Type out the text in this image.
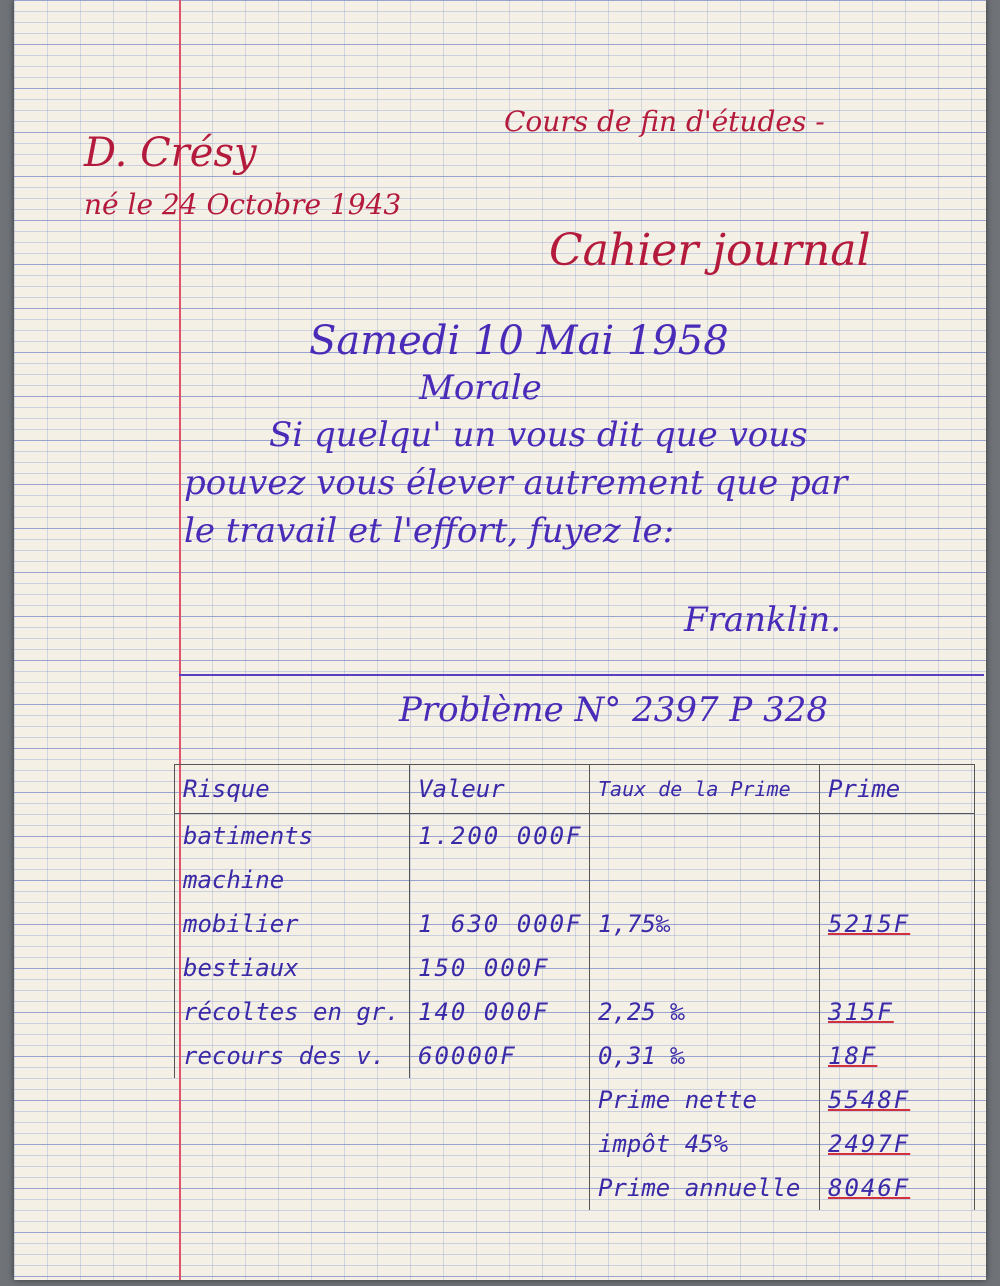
Cours de fin d'études -
D. Crésy
né le 24 Octobre 1943
Cahier journal
Samedi 10 Mai 1958
Morale
Si quelqu' un vous dit que vous
pouvez vous élever autrement que par
le travail et l'effort, fuyez le:
Franklin.
Problème N° 2397 P 328
Risque	Valeur	Taux de la Prime	Prime
batiments	1.200 000F		
machine			
mobilier	1 630 000F	1,75‰	5215F
bestiaux	150 000F		
récoltes en gr.	140 000F	2,25 ‰	315F
recours des v.	60000F	0,31 ‰	18F
		Prime nette	5548F
		impôt 45%	2497F
		Prime annuelle	8046F
